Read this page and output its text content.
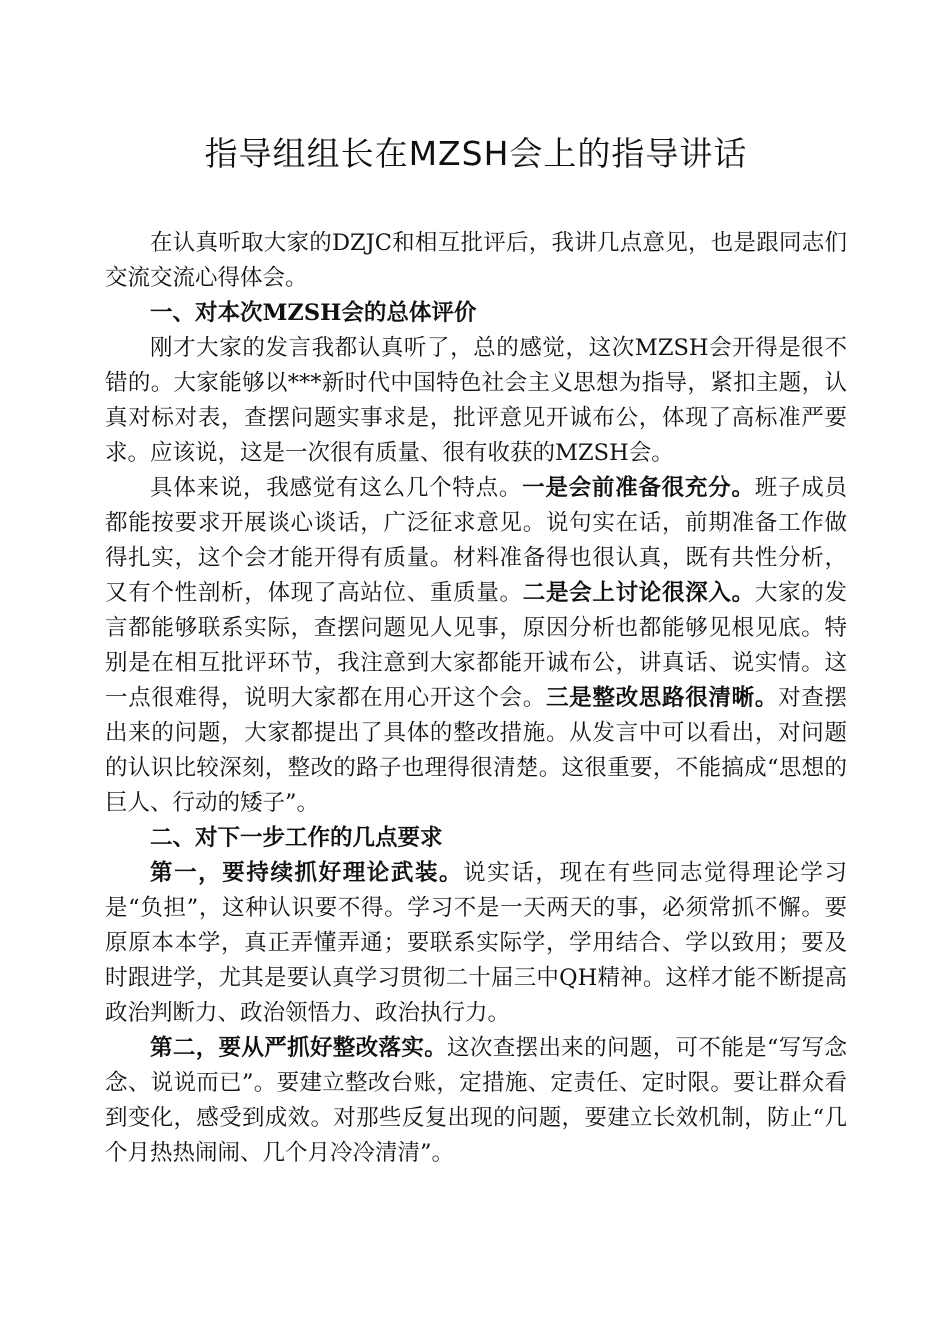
指导组组长在MZSH会上的指导讲话

在认真听取大家的DZJC和相互批评后，我讲几点意见，也是跟同志们交流交流心得体会。

一、对本次MZSH会的总体评价

刚才大家的发言我都认真听了，总的感觉，这次MZSH会开得是很不错的。大家能够以***新时代中国特色社会主义思想为指导，紧扣主题，认真对标对表，查摆问题实事求是，批评意见开诚布公，体现了高标准严要求。应该说，这是一次很有质量、很有收获的MZSH会。

具体来说，我感觉有这么几个特点。一是会前准备很充分。班子成员都能按要求开展谈心谈话，广泛征求意见。说句实在话，前期准备工作做得扎实，这个会才能开得有质量。材料准备得也很认真，既有共性分析，又有个性剖析，体现了高站位、重质量。二是会上讨论很深入。大家的发言都能够联系实际，查摆问题见人见事，原因分析也都能够见根见底。特别是在相互批评环节，我注意到大家都能开诚布公，讲真话、说实情。这一点很难得，说明大家都在用心开这个会。三是整改思路很清晰。对查摆出来的问题，大家都提出了具体的整改措施。从发言中可以看出，对问题的认识比较深刻，整改的路子也理得很清楚。这很重要，不能搞成“思想的巨人、行动的矮子”。

二、对下一步工作的几点要求

第一，要持续抓好理论武装。说实话，现在有些同志觉得理论学习是“负担”，这种认识要不得。学习不是一天两天的事，必须常抓不懈。要原原本本学，真正弄懂弄通；要联系实际学，学用结合、学以致用；要及时跟进学，尤其是要认真学习贯彻二十届三中QH精神。这样才能不断提高政治判断力、政治领悟力、政治执行力。

第二，要从严抓好整改落实。这次查摆出来的问题，可不能是“写写念念、说说而已”。要建立整改台账，定措施、定责任、定时限。要让群众看到变化，感受到成效。对那些反复出现的问题，要建立长效机制，防止“几个月热热闹闹、几个月冷冷清清”。
